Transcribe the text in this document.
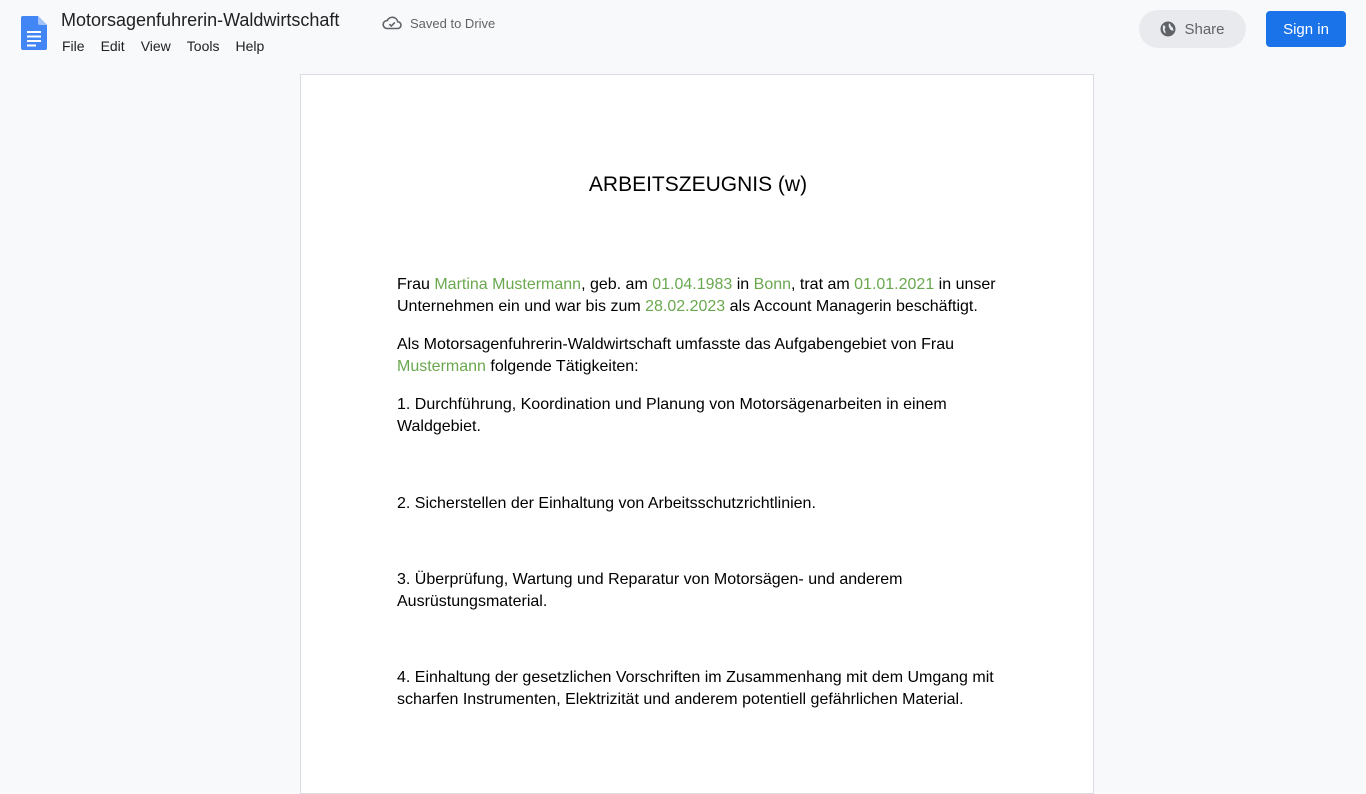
Motorsagenfuhrerin-Waldwirtschaft	Saved to Drive
File	Edit	View	Tools	Help
Share	Sign in
ARBEITSZEUGNIS (w)

Frau Martina Mustermann, geb. am 01.04.1983 in Bonn, trat am 01.01.2021 in unser Unternehmen ein und war bis zum 28.02.2023 als Account Managerin beschäftigt.

Als Motorsagenfuhrerin-Waldwirtschaft umfasste das Aufgabengebiet von Frau Mustermann folgende Tätigkeiten:

1. Durchführung, Koordination und Planung von Motorsägenarbeiten in einem Waldgebiet.

2. Sicherstellen der Einhaltung von Arbeitsschutzrichtlinien.

3. Überprüfung, Wartung und Reparatur von Motorsägen- und anderem Ausrüstungsmaterial.

4. Einhaltung der gesetzlichen Vorschriften im Zusammenhang mit dem Umgang mit scharfen Instrumenten, Elektrizität und anderem potentiell gefährlichen Material.
